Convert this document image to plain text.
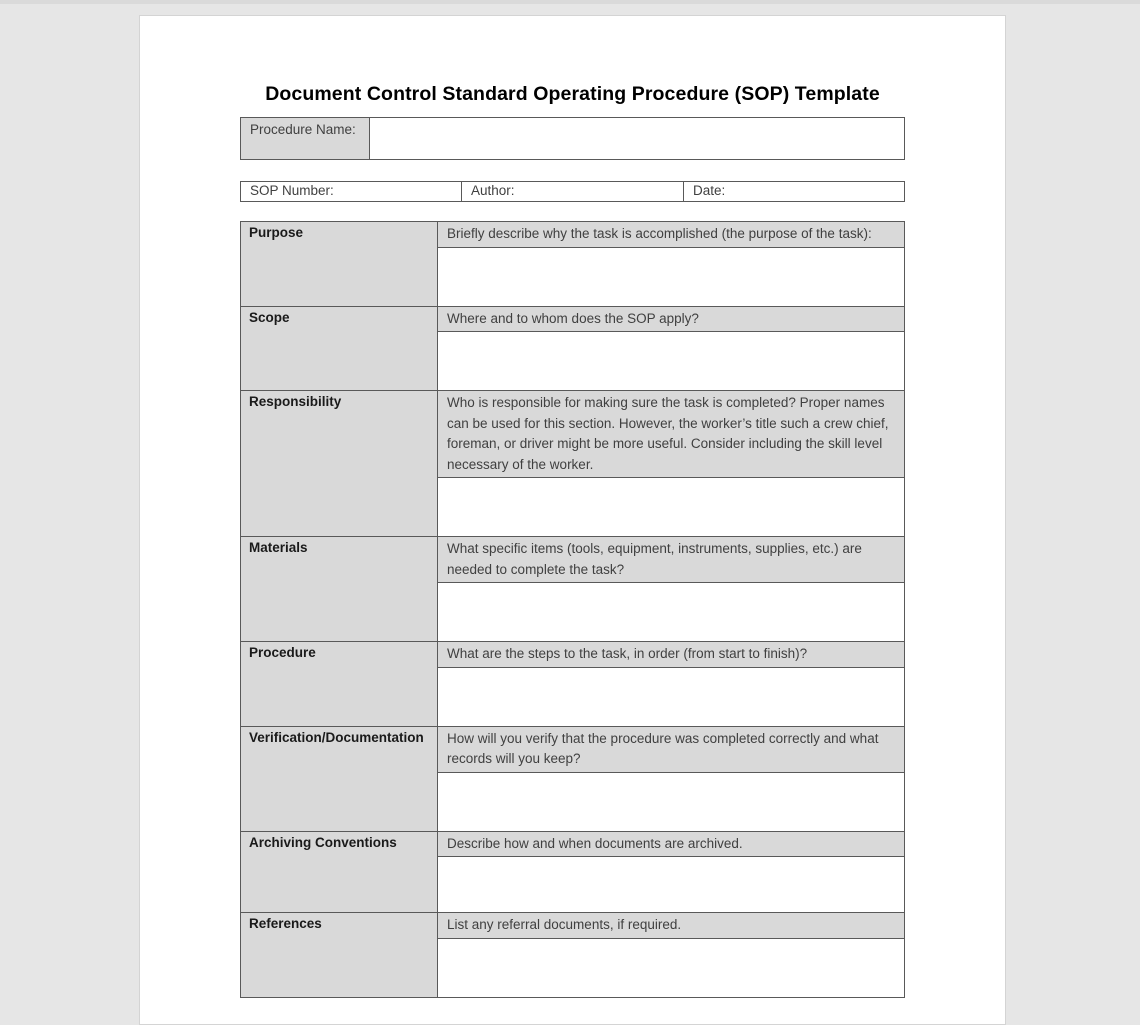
Document Control Standard Operating Procedure (SOP) Template
Procedure Name:	
SOP Number:	Author:	Date:
Purpose	Briefly describe why the task is accomplished (the purpose of the task):

Scope	Where and to whom does the SOP apply?

Responsibility	Who is responsible for making sure the task is completed? Proper names can be used for this section. However, the worker’s title such a crew chief, foreman, or driver might be more useful. Consider including the skill level necessary of the worker.

Materials	What specific items (tools, equipment, instruments, supplies, etc.) are needed to complete the task?

Procedure	What are the steps to the task, in order (from start to finish)?

Verification/Documentation	How will you verify that the procedure was completed correctly and what records will you keep?

Archiving Conventions	Describe how and when documents are archived.

References	List any referral documents, if required.
